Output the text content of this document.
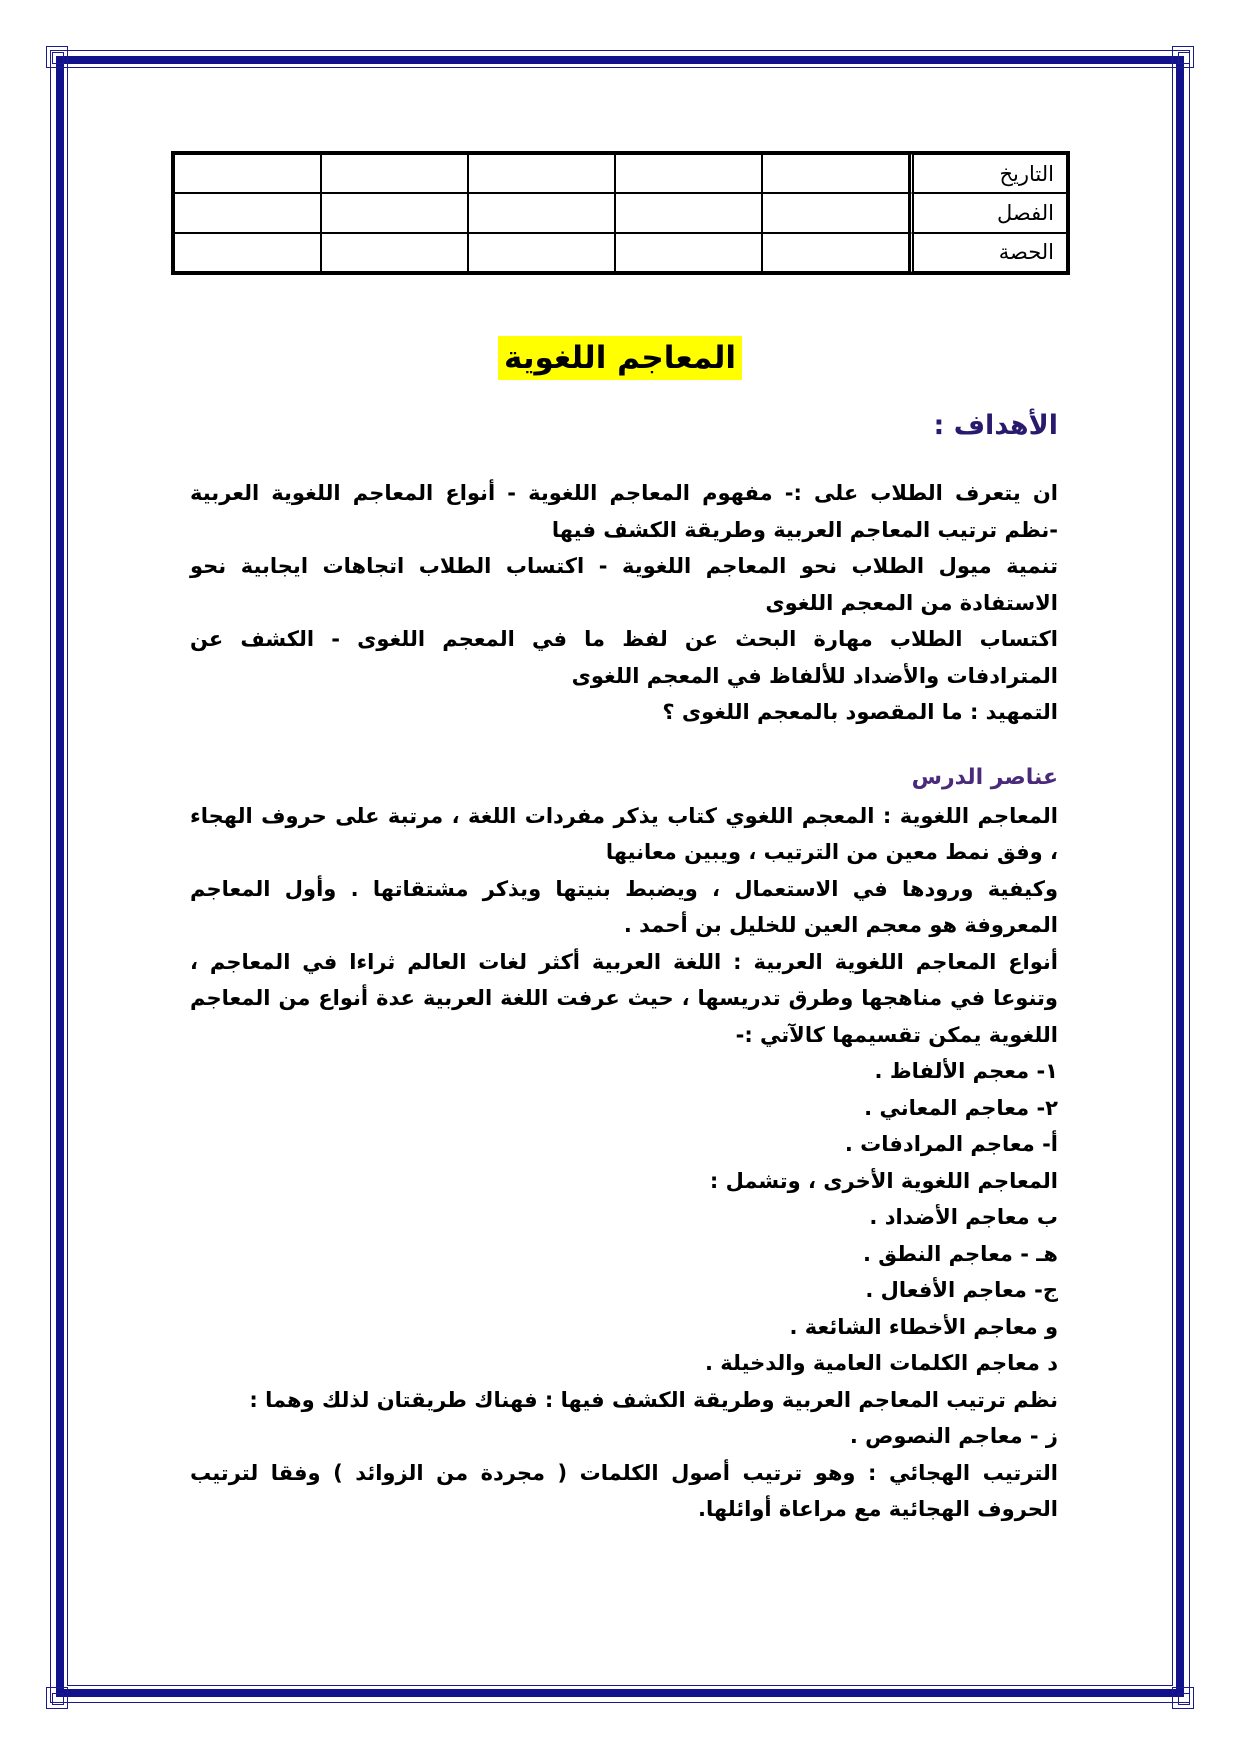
التاريخ					
الفصل					
الحصة					
المعاجم اللغوية
الأهداف :

ان يتعرف الطلاب على :- مفهوم المعاجم اللغوية - أنواع المعاجم اللغوية العربية -نظم ترتيب المعاجم العربية وطريقة الكشف فيها

تنمية ميول الطلاب نحو المعاجم اللغوية - اكتساب الطلاب اتجاهات ايجابية نحو الاستفادة من المعجم اللغوى

اكتساب الطلاب مهارة البحث عن لفظ ما في المعجم اللغوى - الكشف عن المترادفات والأضداد للألفاظ في المعجم اللغوى

التمهيد : ما المقصود بالمعجم اللغوى ؟

عناصر الدرس

المعاجم اللغوية : المعجم اللغوي كتاب يذكر مفردات اللغة ، مرتبة على حروف الهجاء ، وفق نمط معين من الترتيب ، ويبين معانيها

وكيفية ورودها في الاستعمال ، ويضبط بنيتها ويذكر مشتقاتها . وأول المعاجم المعروفة هو معجم العين للخليل بن أحمد .

أنواع المعاجم اللغوية العربية : اللغة العربية أكثر لغات العالم ثراءا في المعاجم ، وتنوعا في مناهجها وطرق تدريسها ، حيث عرفت اللغة العربية عدة أنواع من المعاجم اللغوية يمكن تقسيمها كالآتي :-

١- معجم الألفاظ .

٢- معاجم المعاني .

أ- معاجم المرادفات .

المعاجم اللغوية الأخرى ، وتشمل :

ب معاجم الأضداد .

هـ - معاجم النطق .

ج- معاجم الأفعال .

و معاجم الأخطاء الشائعة .

د معاجم الكلمات العامية والدخيلة .

نظم ترتيب المعاجم العربية وطريقة الكشف فيها : فهناك طريقتان لذلك وهما :

ز - معاجم النصوص .

الترتيب الهجائي : وهو ترتيب أصول الكلمات ( مجردة من الزوائد ) وفقا لترتيب الحروف الهجائية مع مراعاة أوائلها.
